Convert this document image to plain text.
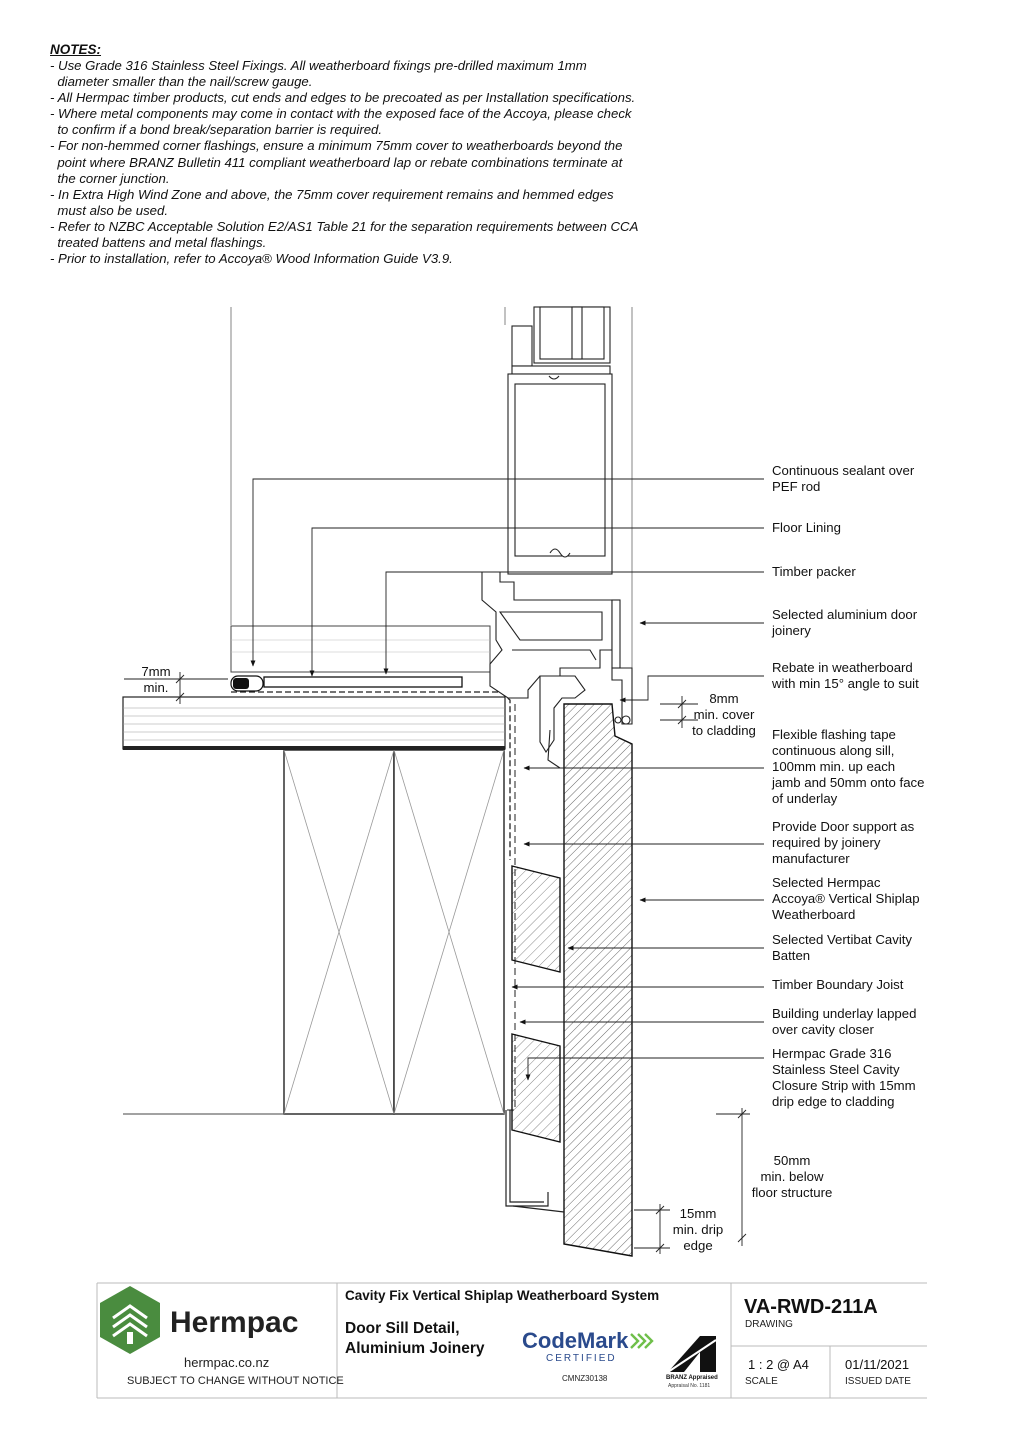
NOTES:

- Use Grade 316 Stainless Steel Fixings. All weatherboard fixings pre-drilled maximum 1mm

diameter smaller than the nail/screw gauge.

- All Hermpac timber products, cut ends and edges to be precoated as per Installation specifications.

- Where metal components may come in contact with the exposed face of the Accoya, please check

to confirm if a bond break/separation barrier is required.

- For non-hemmed corner flashings, ensure a minimum 75mm cover to weatherboards beyond the

point where BRANZ Bulletin 411 compliant weatherboard lap or rebate combinations terminate at

the corner junction.

- In Extra High Wind Zone and above, the 75mm cover requirement remains and hemmed edges

must also be used.

- Refer to NZBC Acceptable Solution E2/AS1 Table 21 for the separation requirements between CCA

treated battens and metal flashings.

- Prior to installation, refer to Accoya® Wood Information Guide V3.9.

Continuous sealant over
PEF rod
Floor Lining
Timber packer
Selected aluminium door
joinery
Rebate in weatherboard
with min 15° angle to suit
Flexible flashing tape
continuous along sill,
100mm min. up each
jamb and 50mm onto face
of underlay
Provide Door support as
required by joinery
manufacturer
Selected Hermpac
Accoya® Vertical Shiplap
Weatherboard
Selected Vertibat Cavity
Batten
Timber Boundary Joist
Building underlay lapped
over cavity closer
Hermpac Grade 316
Stainless Steel Cavity
Closure Strip with 15mm
drip edge to cladding
7mm
min.
8mm
min. cover
to cladding
50mm
min. below
floor structure
15mm
min. drip
edge
Hermpac
hermpac.co.nz
SUBJECT TO CHANGE WITHOUT NOTICE
Cavity Fix Vertical Shiplap Weatherboard System
Door Sill Detail,
Aluminium Joinery CodeMark
CERTIFIED
CMNZ30138	BRANZ Appraised
Appraisal No. 1181
VA-RWD-211A
DRAWING
1 : 2 @ A4
SCALE
01/11/2021
ISSUED DATE
